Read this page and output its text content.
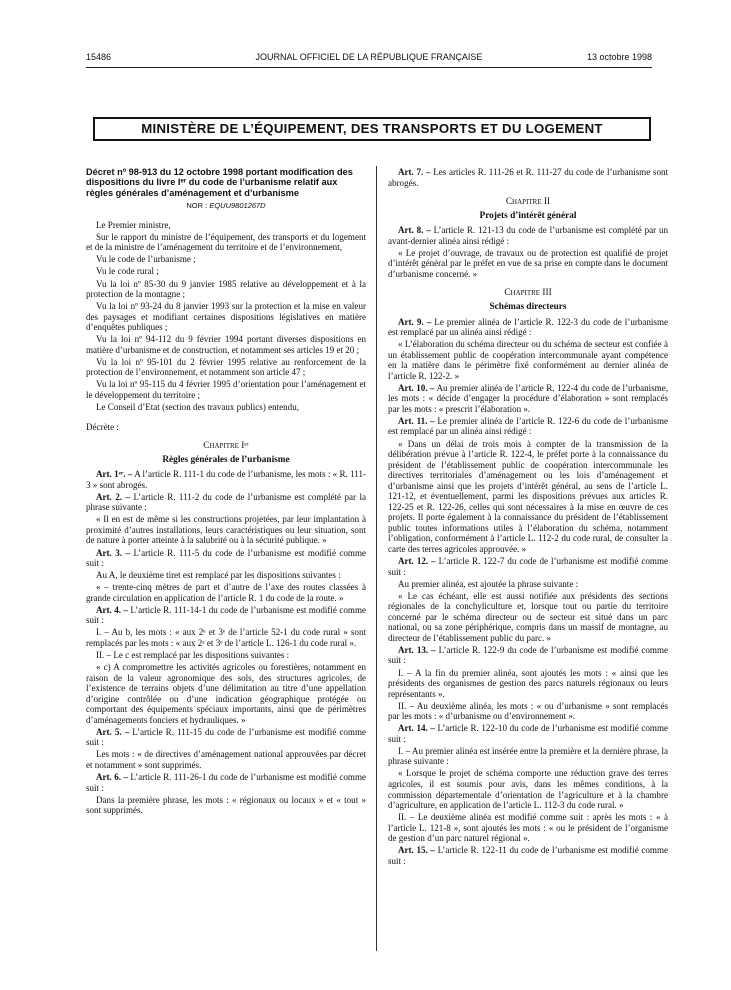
15486	JOURNAL OFFICIEL DE LA RÉPUBLIQUE FRANÇAISE	13 octobre 1998
MINISTÈRE DE L’ÉQUIPEMENT, DES TRANSPORTS ET DU LOGEMENT
Décret nº 98-913 du 12 octobre 1998 portant modification des dispositions du livre Iᵉʳ du code de l’urbanisme relatif aux règles générales d’aménagement et d’urbanisme
NOR : EQUU9801267D

Le Premier ministre,

Sur le rapport du ministre de l’équipement, des transports et du logement et de la ministre de l’aménagement du territoire et de l’environnement,

Vu le code de l’urbanisme ;

Vu le code rural ;

Vu la loi nº 85-30 du 9 janvier 1985 relative au développement et à la protection de la montagne ;

Vu la loi nº 93-24 du 8 janvier 1993 sur la protection et la mise en valeur des paysages et modifiant certaines dispositions législatives en matière d’enquêtes publiques ;

Vu la loi nº 94-112 du 9 février 1994 portant diverses dispositions en matière d’urbanisme et de construction, et notamment ses articles 19 et 20 ;

Vu la loi nº 95-101 du 2 février 1995 relative au renforcement de la protection de l’environnement, et notamment son article 47 ;

Vu la loi nº 95-115 du 4 février 1995 d’orientation pour l’aménagement et le développement du territoire ;

Le Conseil d’Etat (section des travaux publics) entendu,

Décrète :

Chapitre Iᵉʳ
Règles générales de l’urbanisme

Art. 1ᵉʳ. – A l’article R. 111-1 du code de l’urbanisme, les mots : « R. 111-3 » sont abrogés.

Art. 2. – L’article R. 111-2 du code de l’urbanisme est complété par la phrase suivante :

« Il en est de même si les constructions projetées, par leur implantation à proximité d’autres installations, leurs caractéristiques ou leur situation, sont de nature à porter atteinte à la salubrité ou à la sécurité publique. »

Art. 3. – L’article R. 111-5 du code de l’urbanisme est modifié comme suit :

Au A, le deuxième tiret est remplacé par les dispositions suivantes :

« – trente-cinq mètres de part et d’autre de l’axe des routes classées à grande circulation en application de l’article R. 1 du code de la route. »

Art. 4. – L’article R. 111-14-1 du code de l’urbanisme est modifié comme suit :

I. – Au b, les mots : « aux 2ᵉ et 3ᵉ de l’article 52-1 du code rural » sont remplacés par les mots : « aux 2ᵉ et 3ᵉ de l’article L. 126-1 du code rural ».

II. – Le c est remplacé par les dispositions suivantes :

« c) A compromettre les activités agricoles ou forestières, notamment en raison de la valeur agronomique des sols, des structures agricoles, de l’existence de terrains objets d’une délimitation au titre d’une appellation d’origine contrôlée ou d’une indication géographique protégée ou comportant des équipements spéciaux importants, ainsi que de périmètres d’aménagements fonciers et hydrauliques. »

Art. 5. – L’article R. 111-15 du code de l’urbanisme est modifié comme suit :

Les mots : « de directives d’aménagement national approuvées par décret et notamment » sont supprimés.

Art. 6. – L’article R. 111-26-1 du code de l’urbanisme est modifié comme suit :

Dans la première phrase, les mots : « régionaux ou locaux » et « tout » sont supprimés.

Art. 7. – Les articles R. 111-26 et R. 111-27 du code de l’urbanisme sont abrogés.

Chapitre II
Projets d’intérêt général

Art. 8. – L’article R. 121-13 du code de l’urbanisme est complété par un avant-dernier alinéa ainsi rédigé :

« Le projet d’ouvrage, de travaux ou de protection est qualifié de projet d’intérêt général par le préfet en vue de sa prise en compte dans le document d’urbanisme concerné. »

Chapitre III
Schémas directeurs

Art. 9. – Le premier alinéa de l’article R. 122-3 du code de l’urbanisme est remplacé par un alinéa ainsi rédigé :

« L’élaboration du schéma directeur ou du schéma de secteur est confiée à un établissement public de coopération intercommunale ayant compétence en la matière dans le périmètre fixé conformément au dernier alinéa de l’article R. 122-2. »

Art. 10. – Au premier alinéa de l’article R. 122-4 du code de l’urbanisme, les mots : « décide d’engager la procédure d’élaboration » sont remplacés par les mots : « prescrit l’élaboration ».

Art. 11. – Le premier alinéa de l’article R. 122-6 du code de l’urbanisme est remplacé par un alinéa ainsi rédigé :

« Dans un délai de trois mois à compter de la transmission de la délibération prévue à l’article R. 122-4, le préfet porte à la connaissance du président de l’établissement public de coopération intercommunale les directives territoriales d’aménagement ou les lois d’aménagement et d’urbanisme ainsi que les projets d’intérêt général, au sens de l’article L. 121-12, et éventuellement, parmi les dispositions prévues aux articles R. 122-25 et R. 122-26, celles qui sont nécessaires à la mise en œuvre de ces projets. Il porte également à la connaissance du président de l’établissement public toutes informations utiles à l’élaboration du schéma, notamment l’obligation, conformément à l’article L. 112-2 du code rural, de consulter la carte des terres agricoles approuvée. »

Art. 12. – L’article R. 122-7 du code de l’urbanisme est modifié comme suit :

Au premier alinéa, est ajoutée la phrase suivante :

« Le cas échéant, elle est aussi notifiée aux présidents des sections régionales de la conchyliculture et, lorsque tout ou partie du territoire concerné par le schéma directeur ou de secteur est situé dans un parc national, ou sa zone périphérique, compris dans un massif de montagne, au directeur de l’établissement public du parc. »

Art. 13. – L’article R. 122-9 du code de l’urbanisme est modifié comme suit :

I. – A la fin du premier alinéa, sont ajoutés les mots : « ainsi que les présidents des organismes de gestion des parcs naturels régionaux ou leurs représentants ».

II. – Au deuxième alinéa, les mots : « ou d’urbanisme » sont remplacés par les mots : « d’urbanisme ou d’environnement ».

Art. 14. – L’article R. 122-10 du code de l’urbanisme est modifié comme suit :

I. – Au premier alinéa est insérée entre la première et la dernière phrase, la phrase suivante :

« Lorsque le projet de schéma comporte une réduction grave des terres agricoles, il est soumis pour avis, dans les mêmes conditions, à la commission départementale d’orientation de l’agriculture et à la chambre d’agriculture, en application de l’article L. 112-3 du code rural. »

II. – Le deuxième alinéa est modifié comme suit : après les mots : « à l’article L. 121-8 », sont ajoutés les mots : « ou le président de l’organisme de gestion d’un parc naturel régional ».

Art. 15. – L’article R. 122-11 du code de l’urbanisme est modifié comme suit :
